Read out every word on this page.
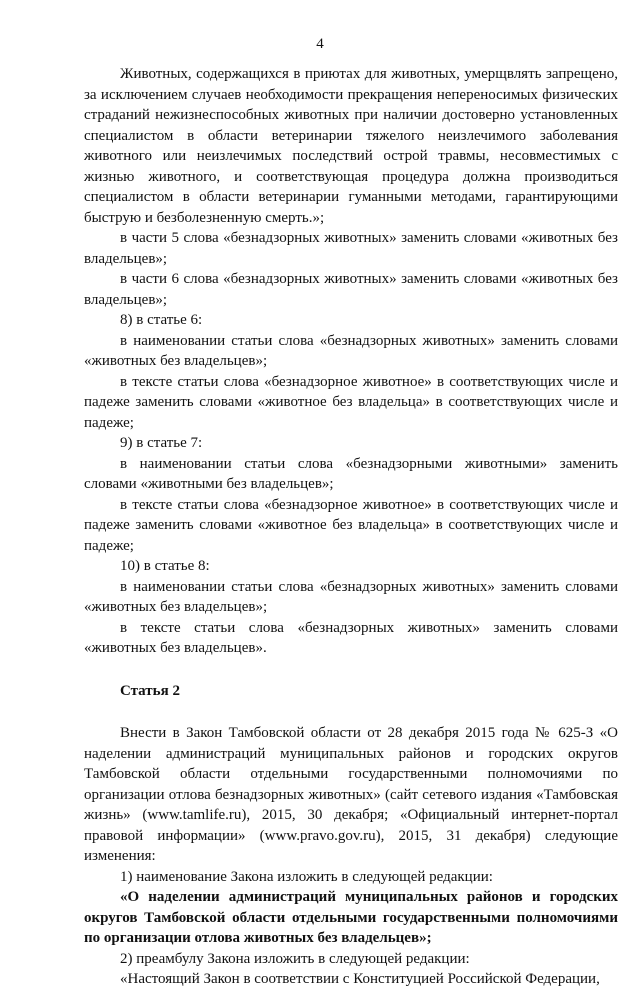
4

Животных, содержащихся в приютах для животных, умерщвлять запрещено, за исключением случаев необходимости прекращения непереносимых физических страданий нежизнеспособных животных при наличии достоверно установленных специалистом в области ветеринарии тяжелого неизлечимого заболевания животного или неизлечимых последствий острой травмы, несовместимых с жизнью животного, и соответствующая процедура должна производиться специалистом в области ветеринарии гуманными методами, гарантирующими быструю и безболезненную смерть.»;

в части 5 слова «безнадзорных животных» заменить словами «животных без владельцев»;

в части 6 слова «безнадзорных животных» заменить словами «животных без владельцев»;

8) в статье 6:

в наименовании статьи слова «безнадзорных животных» заменить словами «животных без владельцев»;

в тексте статьи слова «безнадзорное животное» в соответствующих числе и падеже заменить словами «животное без владельца» в соответствующих числе и падеже;

9) в статье 7:

в наименовании статьи слова «безнадзорными животными» заменить словами «животными без владельцев»;

в тексте статьи слова «безнадзорное животное» в соответствующих числе и падеже заменить словами «животное без владельца» в соответствующих числе и падеже;

10) в статье 8:

в наименовании статьи слова «безнадзорных животных» заменить словами «животных без владельцев»;

в тексте статьи слова «безнадзорных животных» заменить словами «животных без владельцев».

Статья 2

Внести в Закон Тамбовской области от 28 декабря 2015 года № 625-З «О наделении администраций муниципальных районов и городских округов Тамбовской области отдельными государственными полномочиями по организации отлова безнадзорных животных» (сайт сетевого издания «Тамбовская жизнь» (www.tamlife.ru), 2015, 30 декабря; «Официальный интернет-портал правовой информации» (www.pravo.gov.ru), 2015, 31 декабря) следующие изменения:

1) наименование Закона изложить в следующей редакции:

«О наделении администраций муниципальных районов и городских округов Тамбовской области отдельными государственными полномочиями по организации отлова животных без владельцев»;

2) преамбулу Закона изложить в следующей редакции:

«Настоящий Закон в соответствии с Конституцией Российской Федерации,
